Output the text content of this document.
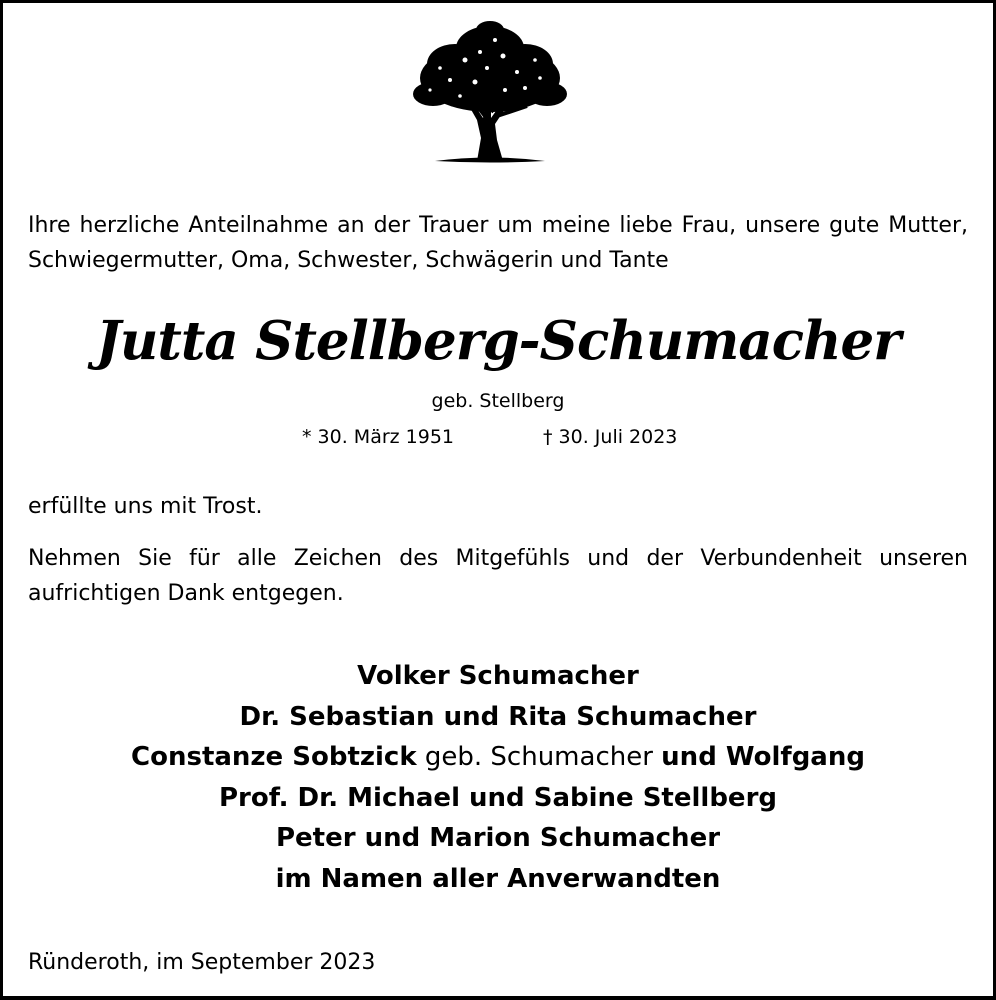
Ihre herzliche Anteilnahme an der Trauer um meine liebe Frau, unsere gute Mutter, Schwiegermutter, Oma, Schwester, Schwägerin und Tante
Jutta Stellberg-Schumacher
geb. Stellberg
* 30. März 1951	† 30. Juli 2023
erfüllte uns mit Trost.
Nehmen Sie für alle Zeichen des Mitgefühls und der Verbundenheit unseren aufrichtigen Dank entgegen.
Volker Schumacher
Dr. Sebastian und Rita Schumacher
Constanze Sobtzick geb. Schumacher und Wolfgang
Prof. Dr. Michael und Sabine Stellberg
Peter und Marion Schumacher
im Namen aller Anverwandten
Ründeroth, im September 2023
